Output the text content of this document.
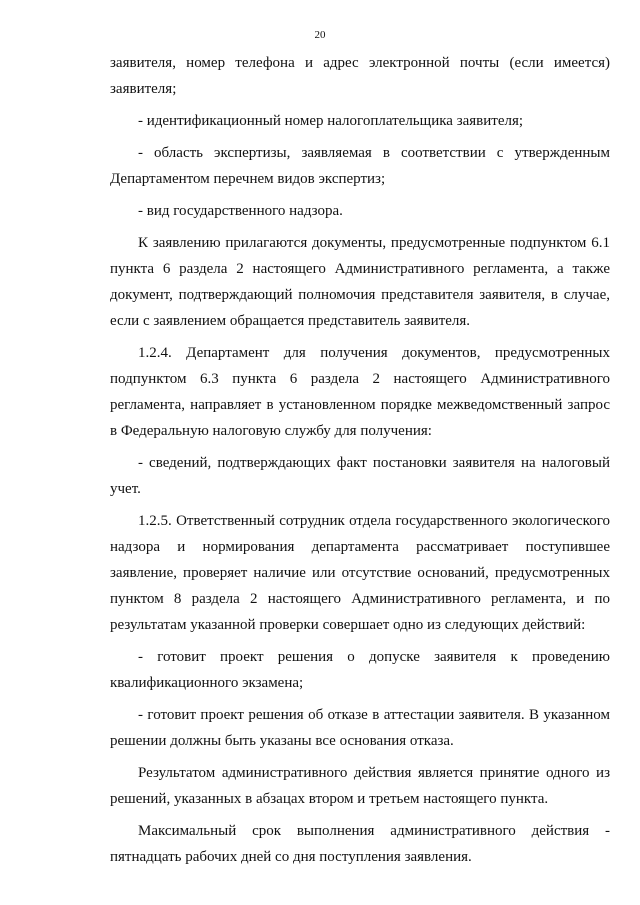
20

заявителя, номер телефона и адрес электронной почты (если имеется) заявителя;

- идентификационный номер налогоплательщика заявителя;

- область экспертизы, заявляемая в соответствии с утвержденным Департаментом перечнем видов экспертиз;

- вид государственного надзора.

К заявлению прилагаются документы, предусмотренные подпунктом 6.1 пункта 6 раздела 2 настоящего Административного регламента, а также документ, подтверждающий полномочия представителя заявителя, в случае, если с заявлением обращается представитель заявителя.

1.2.4. Департамент для получения документов, предусмотренных подпунктом 6.3 пункта 6 раздела 2 настоящего Административного регламента, направляет в установленном порядке межведомственный запрос в Федеральную налоговую службу для получения:

- сведений, подтверждающих факт постановки заявителя на налоговый учет.

1.2.5. Ответственный сотрудник отдела государственного экологического надзора и нормирования департамента рассматривает поступившее заявление, проверяет наличие или отсутствие оснований, предусмотренных пунктом 8 раздела 2 настоящего Административного регламента, и по результатам указанной проверки совершает одно из следующих действий:

- готовит проект решения о допуске заявителя к проведению квалификационного экзамена;

- готовит проект решения об отказе в аттестации заявителя. В указанном решении должны быть указаны все основания отказа.

Результатом административного действия является принятие одного из решений, указанных в абзацах втором и третьем настоящего пункта.

Максимальный срок выполнения административного действия - пятнадцать рабочих дней со дня поступления заявления.
